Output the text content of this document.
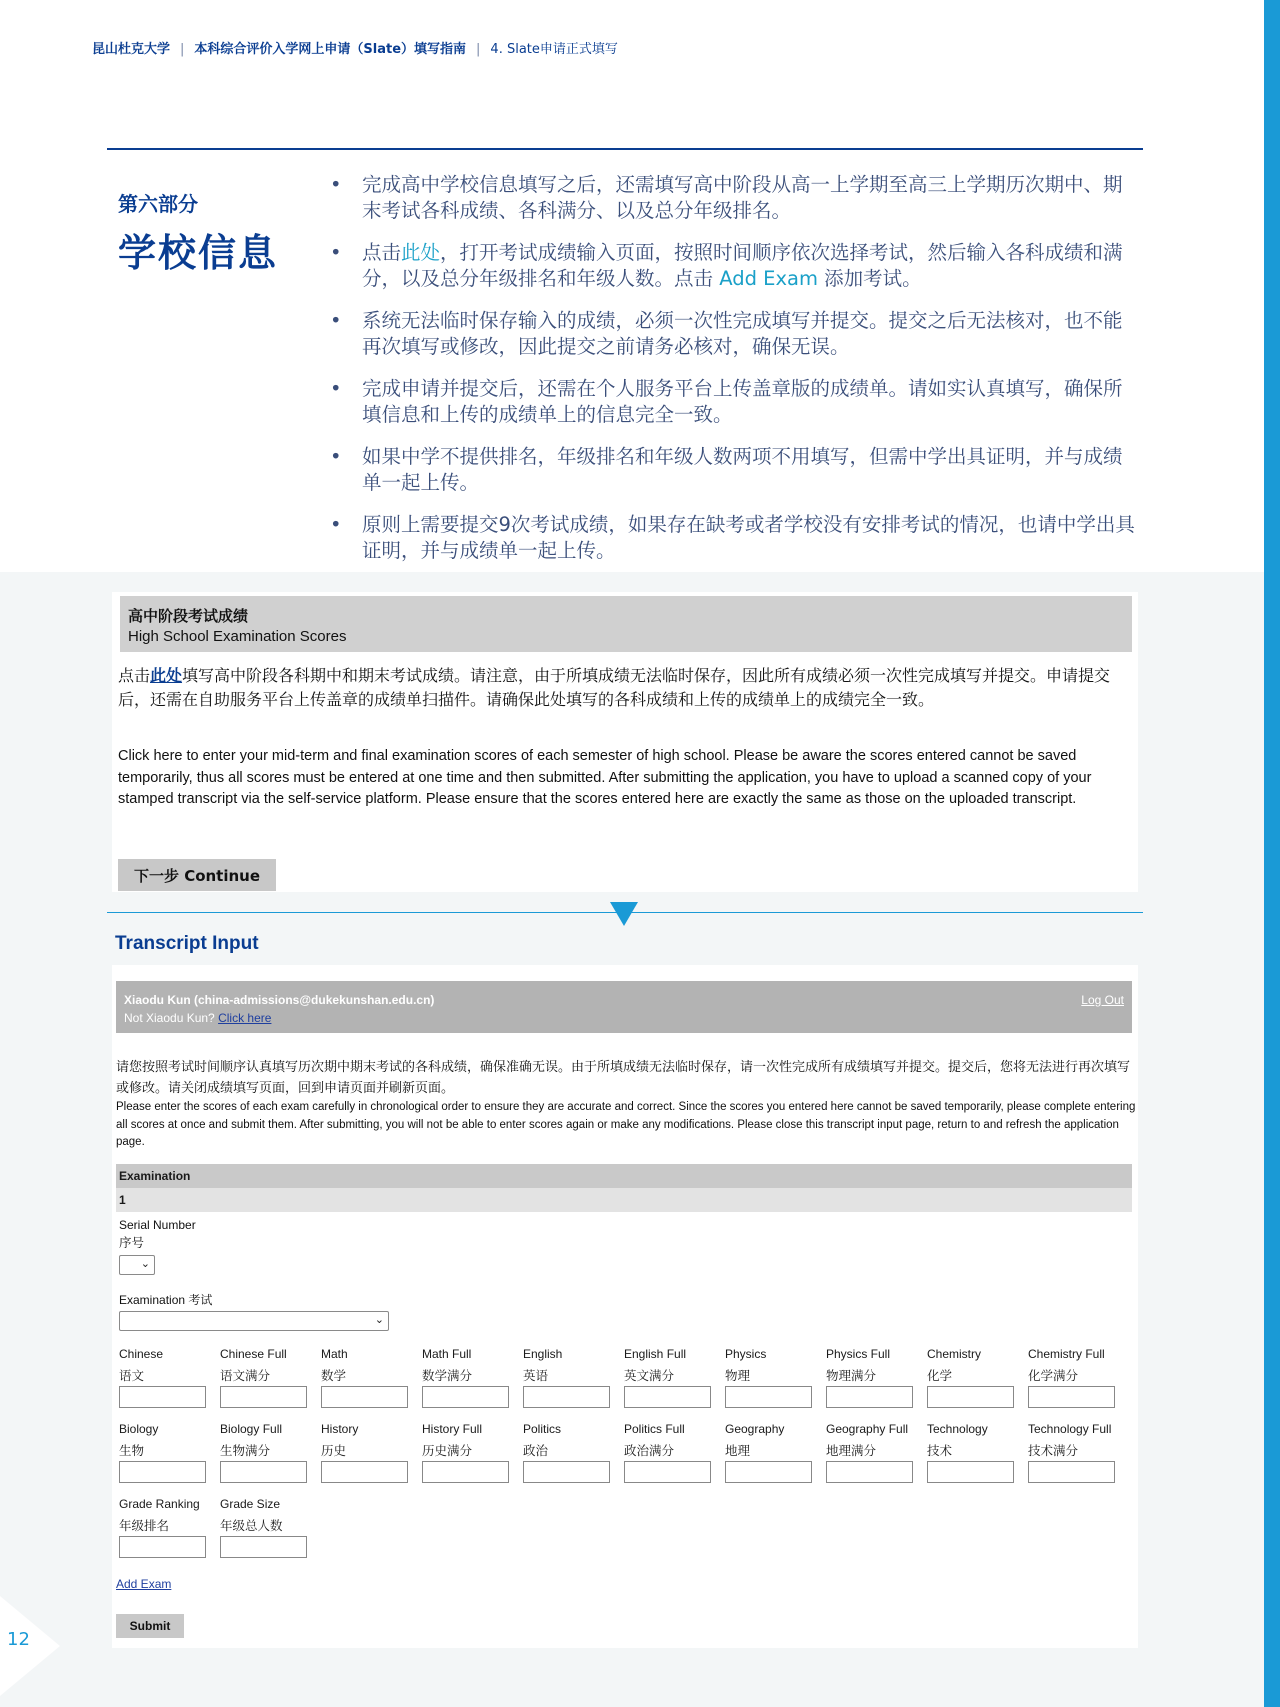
昆山杜克大学 | 本科综合评价入学网上申请（Slate）填写指南 | 4. Slate申请正式填写
第六部分
学校信息
• 完成高中学校信息填写之后，还需填写高中阶段从高一上学期至高三上学期历次期中、期末考试各科成绩、各科满分、以及总分年级排名。
• 点击此处，打开考试成绩输入页面，按照时间顺序依次选择考试，然后输入各科成绩和满分，以及总分年级排名和年级人数。点击 Add Exam 添加考试。
• 系统无法临时保存输入的成绩，必须一次性完成填写并提交。提交之后无法核对，也不能再次填写或修改，因此提交之前请务必核对，确保无误。
• 完成申请并提交后，还需在个人服务平台上传盖章版的成绩单。请如实认真填写，确保所填信息和上传的成绩单上的信息完全一致。
• 如果中学不提供排名，年级排名和年级人数两项不用填写，但需中学出具证明，并与成绩单一起上传。
• 原则上需要提交9次考试成绩，如果存在缺考或者学校没有安排考试的情况，也请中学出具证明，并与成绩单一起上传。
高中阶段考试成绩
High School Examination Scores
点击此处填写高中阶段各科期中和期末考试成绩。请注意，由于所填成绩无法临时保存，因此所有成绩必须一次性完成填写并提交。申请提交后，还需在自助服务平台上传盖章的成绩单扫描件。请确保此处填写的各科成绩和上传的成绩单上的成绩完全一致。
Click here to enter your mid-term and final examination scores of each semester of high school. Please be aware the scores entered cannot be saved temporarily, thus all scores must be entered at one time and then submitted. After submitting the application, you have to upload a scanned copy of your stamped transcript via the self-service platform. Please ensure that the scores entered here are exactly the same as those on the uploaded transcript.
下一步 Continue
Transcript Input
Xiaodu Kun (china-admissions@dukekunshan.edu.cn)
Not Xiaodu Kun? Click here
Log Out
请您按照考试时间顺序认真填写历次期中期末考试的各科成绩，确保准确无误。由于所填成绩无法临时保存，请一次性完成所有成绩填写并提交。提交后，您将无法进行再次填写或修改。请关闭成绩填写页面，回到申请页面并刷新页面。
Please enter the scores of each exam carefully in chronological order to ensure they are accurate and correct. Since the scores you entered here cannot be saved temporarily, please complete entering all scores at once and submit them. After submitting, you will not be able to enter scores again or make any modifications. Please close this transcript input page, return to and refresh the application page.
Examination
1
Serial Number
序号
⌄
Examination 考试
⌄
Chinese
语文
Chinese Full
语文满分
Math
数学
Math Full
数学满分
English
英语
English Full
英文满分
Physics
物理
Physics Full
物理满分
Chemistry
化学
Chemistry Full
化学满分
Biology
生物
Biology Full
生物满分
History
历史
History Full
历史满分
Politics
政治
Politics Full
政治满分
Geography
地理
Geography Full
地理满分
Technology
技术
Technology Full
技术满分
Grade Ranking
年级排名
Grade Size
年级总人数
Add Exam
Submit
12
